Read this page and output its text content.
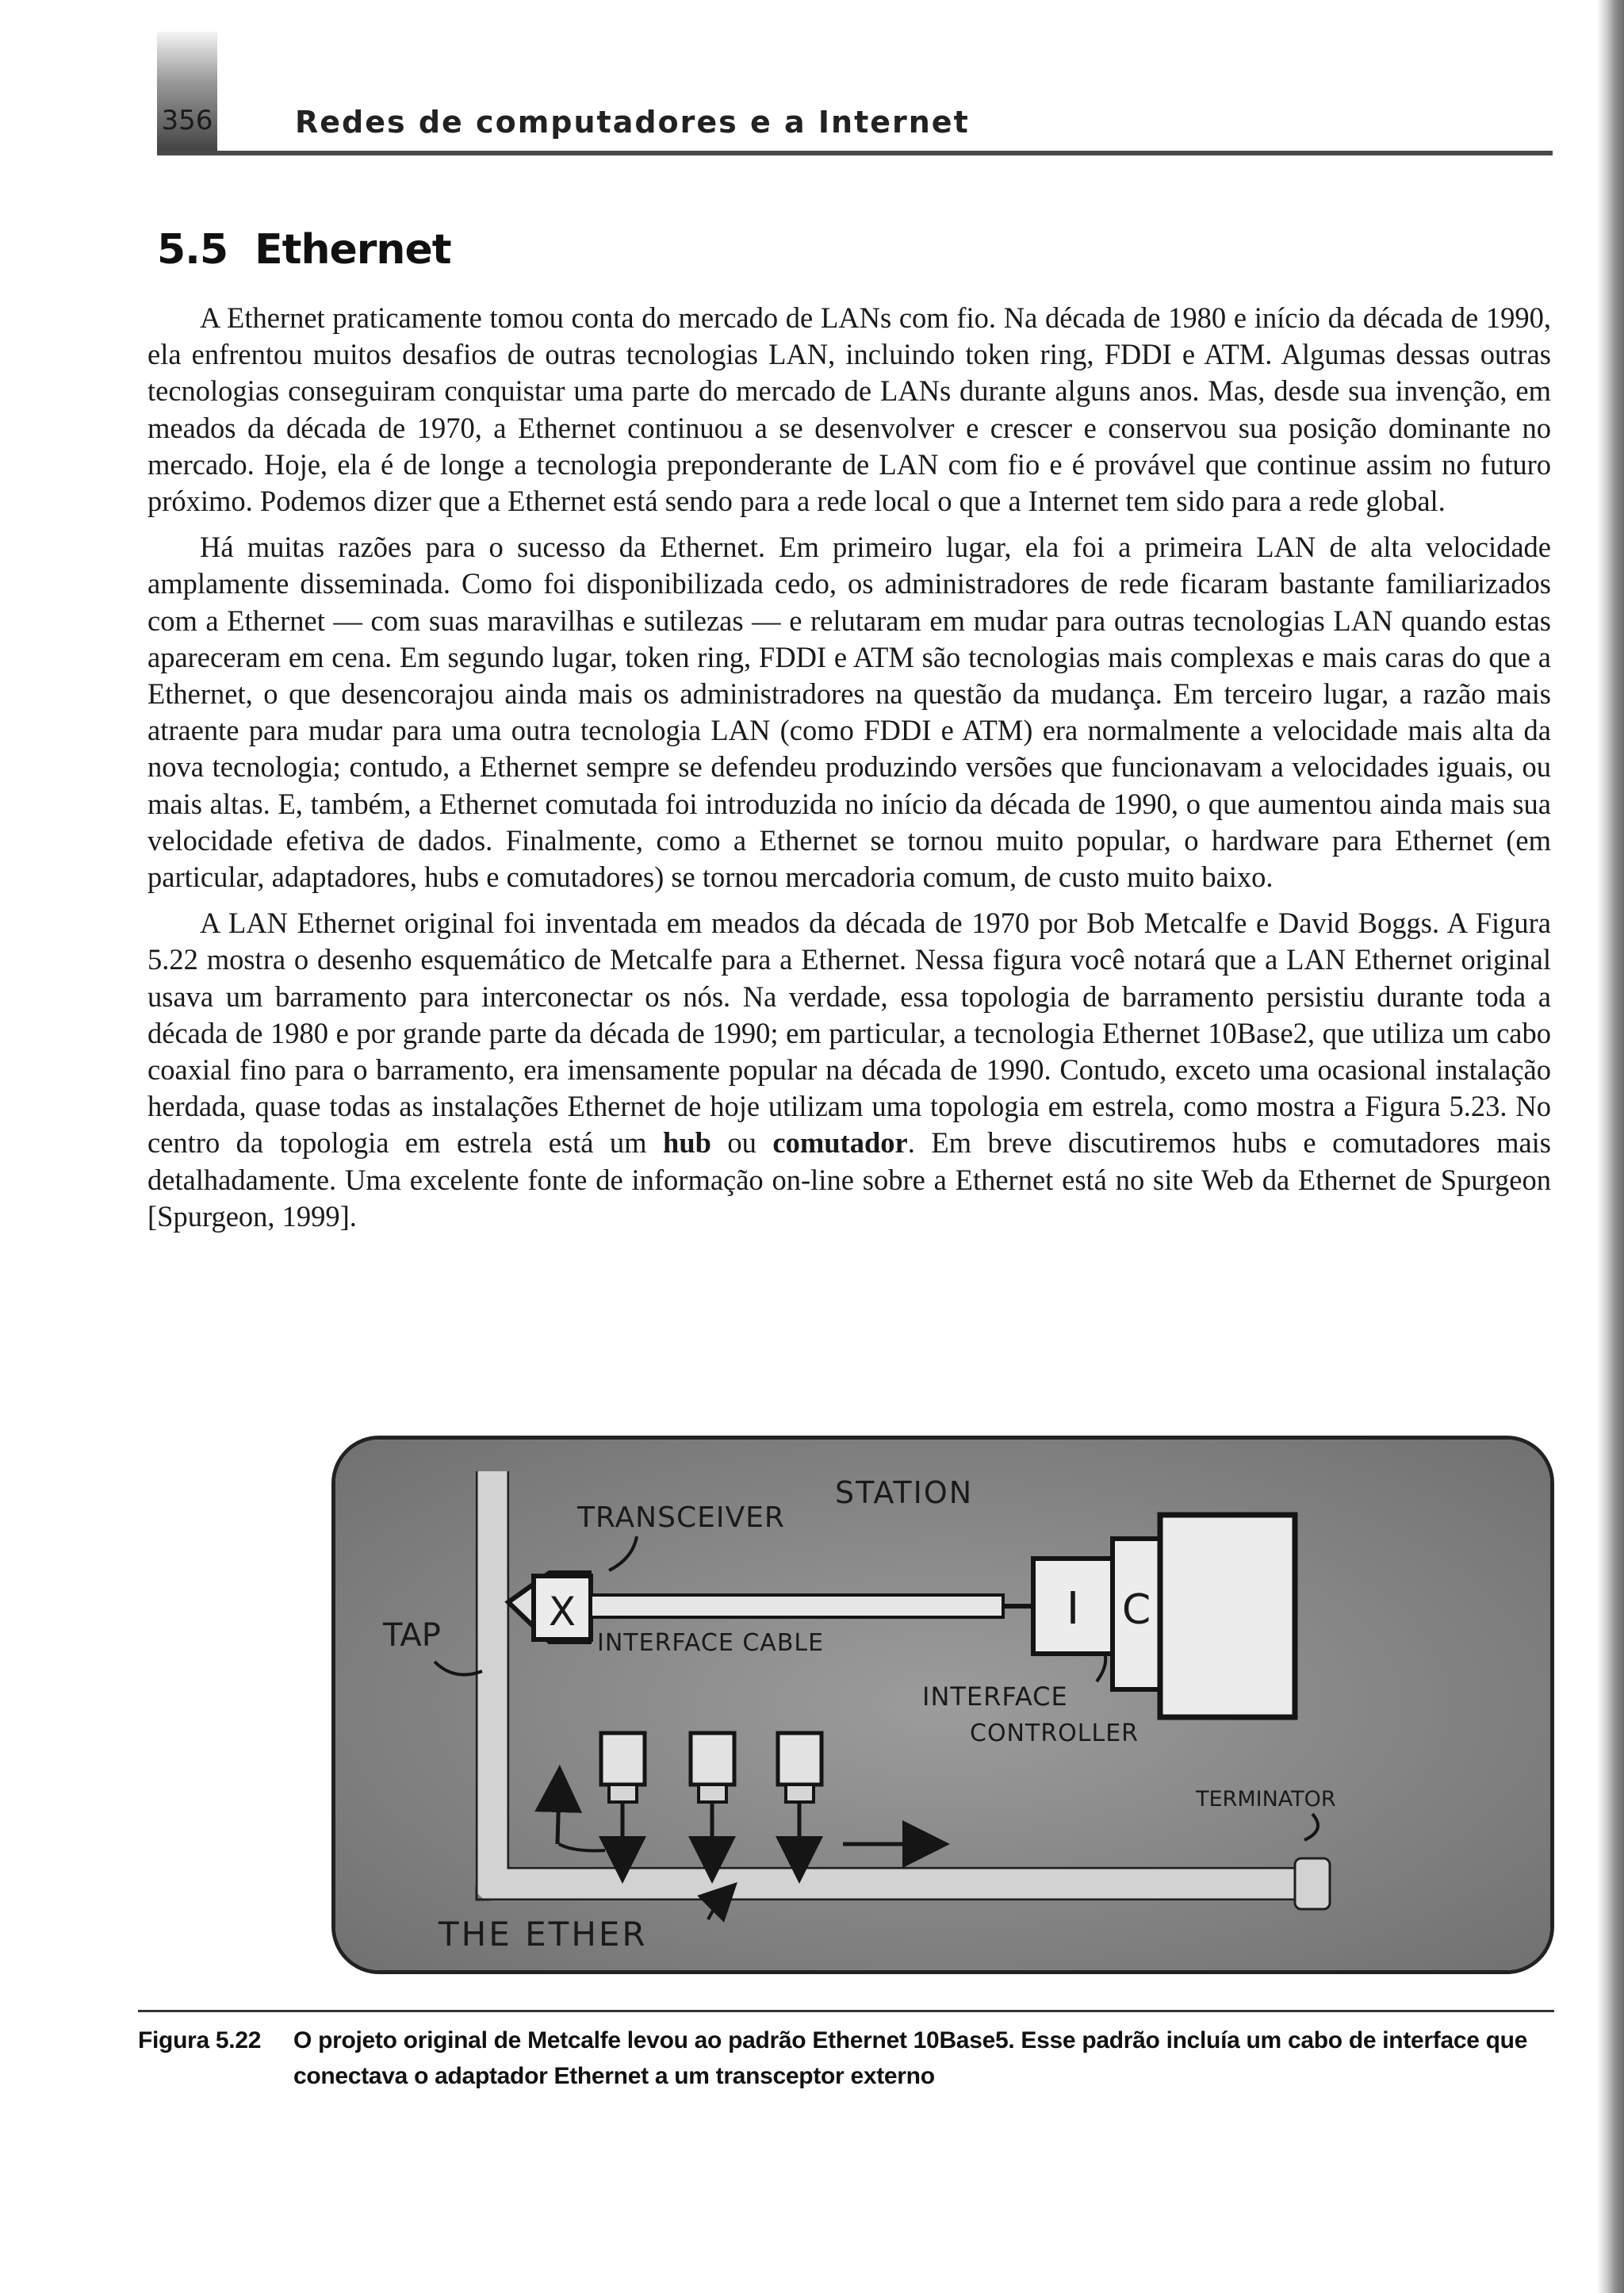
356	Redes de computadores e a Internet
5.5 Ethernet

A Ethernet praticamente tomou conta do mercado de LANs com fio. Na década de 1980 e início da década de 1990, ela enfrentou muitos desafios de outras tecnologias LAN, incluindo token ring, FDDI e ATM. Algumas dessas outras tecnologias conseguiram conquistar uma parte do mercado de LANs durante alguns anos. Mas, desde sua invenção, em meados da década de 1970, a Ethernet continuou a se desenvolver e crescer e conservou sua posição dominante no mercado. Hoje, ela é de longe a tecnologia preponderante de LAN com fio e é provável que continue assim no futuro próximo. Podemos dizer que a Ethernet está sendo para a rede local o que a Internet tem sido para a rede global.

Há muitas razões para o sucesso da Ethernet. Em primeiro lugar, ela foi a primeira LAN de alta velocidade amplamente disseminada. Como foi disponibilizada cedo, os administradores de rede ficaram bastante familiarizados com a Ethernet — com suas maravilhas e sutilezas — e relutaram em mudar para outras tecnologias LAN quando estas apareceram em cena. Em segundo lugar, token ring, FDDI e ATM são tecnologias mais complexas e mais caras do que a Ethernet, o que desencorajou ainda mais os administradores na questão da mudança. Em terceiro lugar, a razão mais atraente para mudar para uma outra tecnologia LAN (como FDDI e ATM) era normalmente a velocidade mais alta da nova tecnologia; contudo, a Ethernet sempre se defendeu produzindo versões que funcionavam a velocidades iguais, ou mais altas. E, também, a Ethernet comutada foi introduzida no início da década de 1990, o que aumentou ainda mais sua velocidade efetiva de dados. Finalmente, como a Ethernet se tornou muito popular, o hardware para Ethernet (em particular, adaptadores, hubs e comutadores) se tornou mercadoria comum, de custo muito baixo.

A LAN Ethernet original foi inventada em meados da década de 1970 por Bob Metcalfe e David Boggs. A Figura 5.22 mostra o desenho esquemático de Metcalfe para a Ethernet. Nessa figura você notará que a LAN Ethernet original usava um barramento para interconectar os nós. Na verdade, essa topologia de barramento persistiu durante toda a década de 1980 e por grande parte da década de 1990; em particular, a tecnologia Ethernet 10Base2, que utiliza um cabo coaxial fino para o barramento, era imensamente popular na década de 1990. Contudo, exceto uma ocasional instalação herdada, quase todas as instalações Ethernet de hoje utilizam uma topologia em estrela, como mostra a Figura 5.23. No centro da topologia em estrela está um hub ou comutador. Em breve discutiremos hubs e comutadores mais detalhadamente. Uma excelente fonte de informação on-line sobre a Ethernet está no site Web da Ethernet de Spurgeon [Spurgeon, 1999].

X	I C
TRANSCEIVER
STATION
TAP	INTERFACE CABLE
INTERFACE
CONTROLLER
TERMINATOR
THE ETHER
Figura 5.22	O projeto original de Metcalfe levou ao padrão Ethernet 10Base5. Esse padrão incluía um cabo de interface que conectava o adaptador Ethernet a um transceptor externo
